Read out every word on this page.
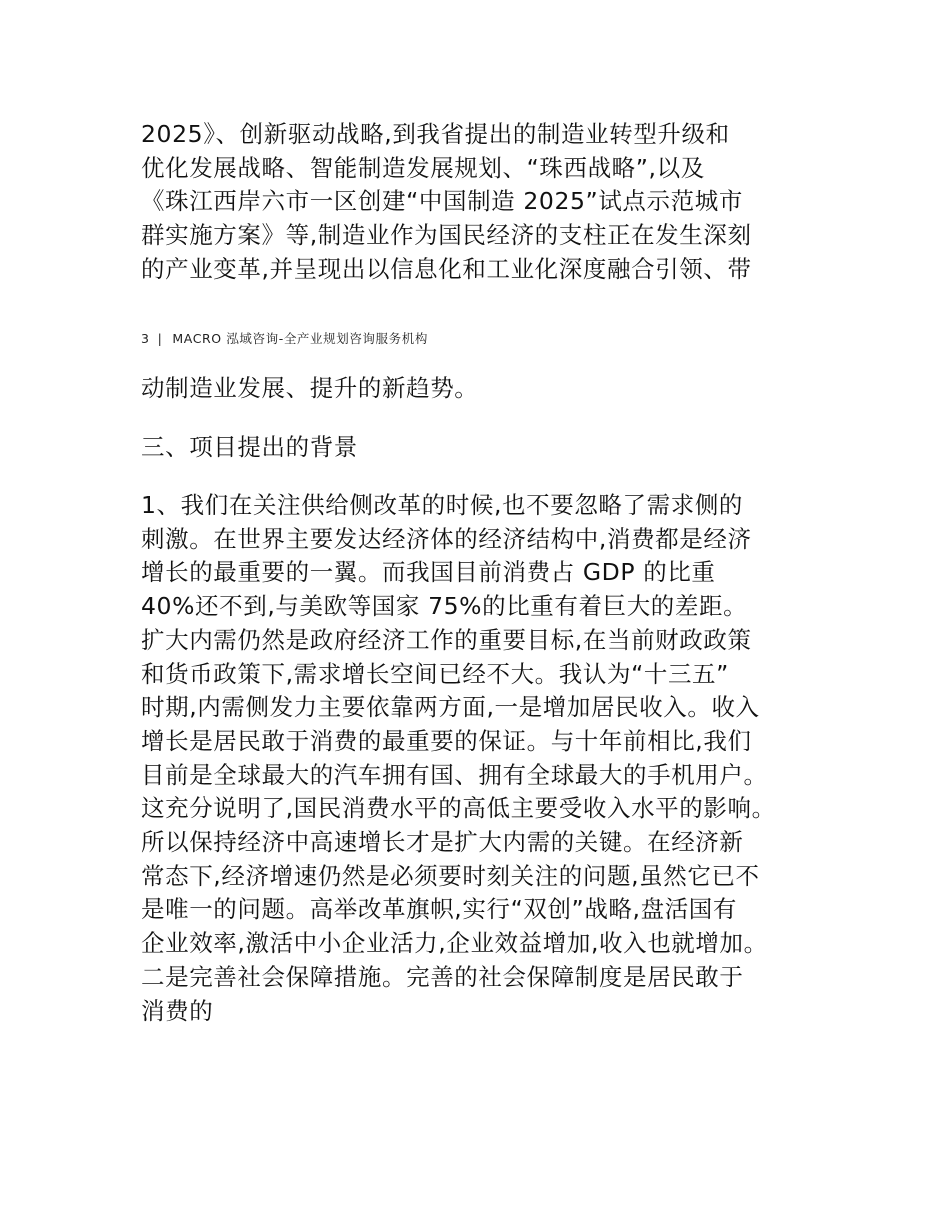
2025》、创新驱动战略,到我省提出的制造业转型升级和
优化发展战略、智能制造发展规划、“珠西战略”,以及
《珠江西岸六市一区创建“中国制造 2025”试点示范城市
群实施方案》等,制造业作为国民经济的支柱正在发生深刻
的产业变革,并呈现出以信息化和工业化深度融合引领、带
3 | MACRO 泓域咨询-全产业规划咨询服务机构
动制造业发展、提升的新趋势。
三、项目提出的背景
1、我们在关注供给侧改革的时候,也不要忽略了需求侧的
刺激。在世界主要发达经济体的经济结构中,消费都是经济
增长的最重要的一翼。而我国目前消费占 GDP 的比重
40%还不到,与美欧等国家 75%的比重有着巨大的差距。
扩大内需仍然是政府经济工作的重要目标,在当前财政政策
和货币政策下,需求增长空间已经不大。我认为“十三五”
时期,内需侧发力主要依靠两方面,一是增加居民收入。收入
增长是居民敢于消费的最重要的保证。与十年前相比,我们
目前是全球最大的汽车拥有国、拥有全球最大的手机用户。
这充分说明了,国民消费水平的高低主要受收入水平的影响。
所以保持经济中高速增长才是扩大内需的关键。在经济新
常态下,经济增速仍然是必须要时刻关注的问题,虽然它已不
是唯一的问题。高举改革旗帜,实行“双创”战略,盘活国有
企业效率,激活中小企业活力,企业效益增加,收入也就增加。
二是完善社会保障措施。完善的社会保障制度是居民敢于
消费的
